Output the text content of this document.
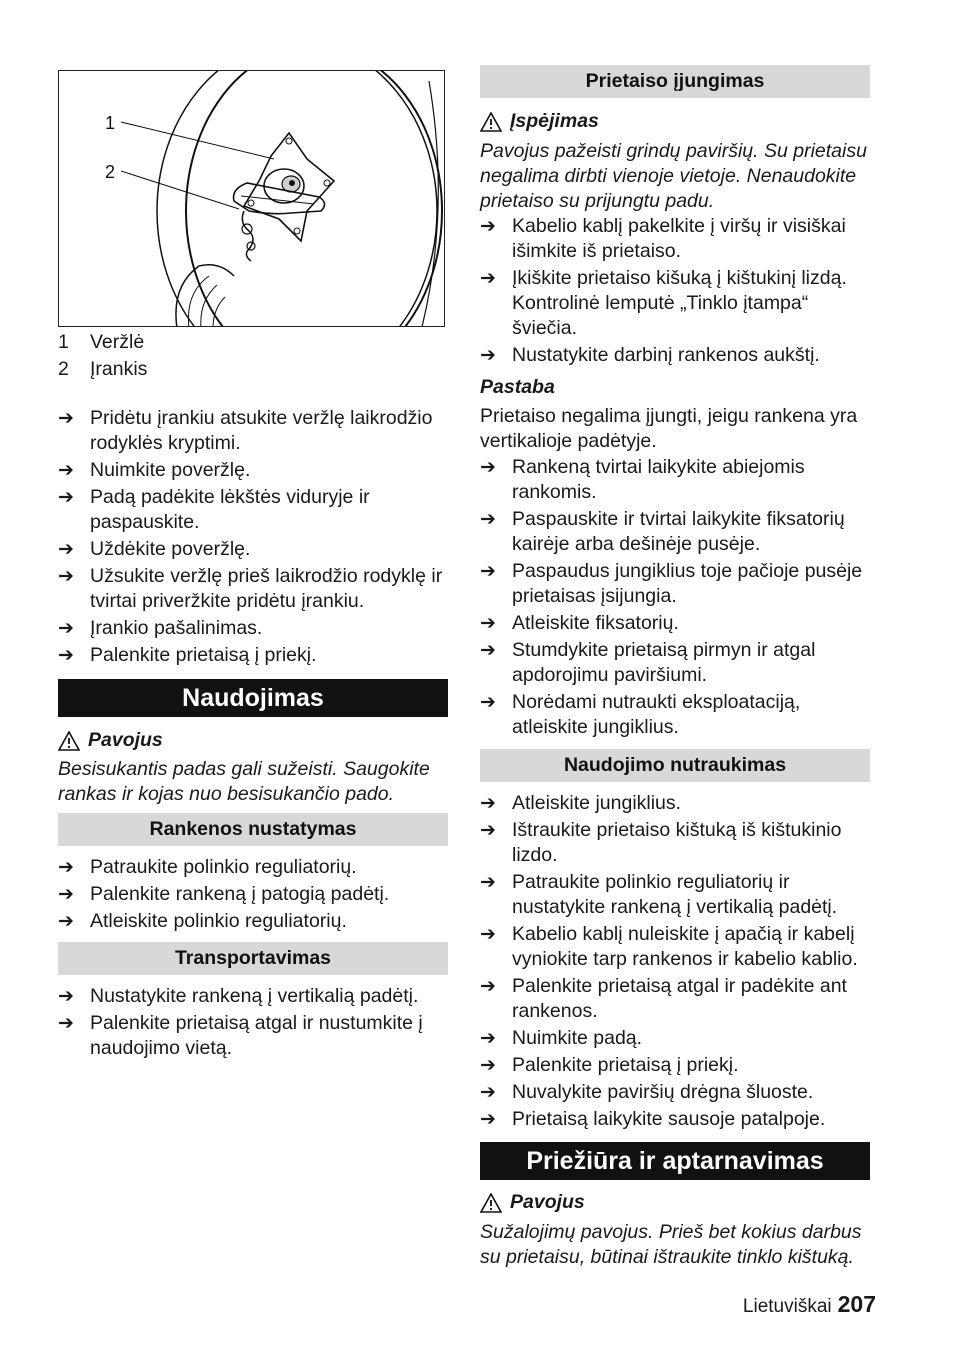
1
2
1	Veržlė
2	Įrankis
➔ Pridėtu įrankiu atsukite veržlę laikrodžio rodyklės kryptimi.
➔ Nuimkite poveržlę.
➔ Padą padėkite lėkštės viduryje ir paspauskite.
➔ Uždėkite poveržlę.
➔ Užsukite veržlę prieš laikrodžio rodyklę ir tvirtai priveržkite pridėtu įrankiu.
➔ Įrankio pašalinimas.
➔ Palenkite prietaisą į priekį.
Naudojimas
Pavojus
Besisukantis padas gali sužeisti. Saugokite rankas ir kojas nuo besisukančio pado.
Rankenos nustatymas
➔ Patraukite polinkio reguliatorių.
➔ Palenkite rankeną į patogią padėtį.
➔ Atleiskite polinkio reguliatorių.
Transportavimas
➔ Nustatykite rankeną į vertikalią padėtį.
➔ Palenkite prietaisą atgal ir nustumkite į naudojimo vietą.
Prietaiso įjungimas
Įspėjimas
Pavojus pažeisti grindų paviršių. Su prietaisu negalima dirbti vienoje vietoje. Nenaudokite prietaiso su prijungtu padu.
➔ Kabelio kablį pakelkite į viršų ir visiškai išimkite iš prietaiso.
➔ Įkiškite prietaiso kišuką į kištukinį lizdą.
Kontrolinė lemputė „Tinklo įtampa“ šviečia.
➔ Nustatykite darbinį rankenos aukštį.
Pastaba
Prietaiso negalima įjungti, jeigu rankena yra vertikalioje padėtyje.
➔ Rankeną tvirtai laikykite abiejomis rankomis.
➔ Paspauskite ir tvirtai laikykite fiksatorių kairėje arba dešinėje pusėje.
➔ Paspaudus jungiklius toje pačioje pusėje prietaisas įsijungia.
➔ Atleiskite fiksatorių.
➔ Stumdykite prietaisą pirmyn ir atgal apdorojimu paviršiumi.
➔ Norėdami nutraukti eksploataciją, atleiskite jungiklius.
Naudojimo nutraukimas
➔ Atleiskite jungiklius.
➔ Ištraukite prietaiso kištuką iš kištukinio lizdo.
➔ Patraukite polinkio reguliatorių ir nustatykite rankeną į vertikalią padėtį.
➔ Kabelio kablį nuleiskite į apačią ir kabelį vyniokite tarp rankenos ir kabelio kablio.
➔ Palenkite prietaisą atgal ir padėkite ant rankenos.
➔ Nuimkite padą.
➔ Palenkite prietaisą į priekį.
➔ Nuvalykite paviršių drėgna šluoste.
➔ Prietaisą laikykite sausoje patalpoje.
Priežiūra ir aptarnavimas
Pavojus
Sužalojimų pavojus. Prieš bet kokius darbus su prietaisu, būtinai ištraukite tinklo kištuką.
Lietuviškai 207
